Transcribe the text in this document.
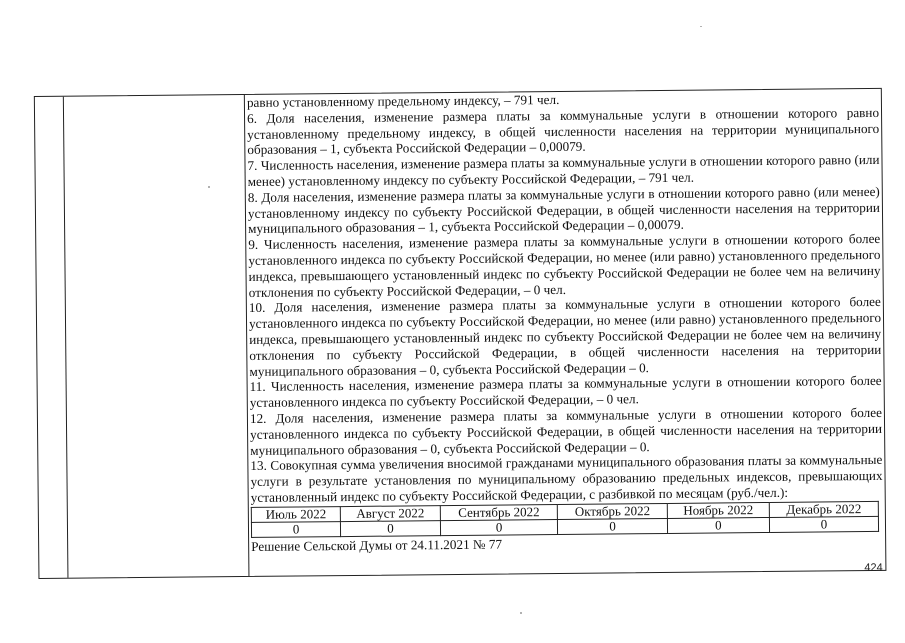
равно установленному предельному индексу, – 791 чел.

6. Доля населения, изменение размера платы за коммунальные услуги в отношении которого равно установленному предельному индексу, в общей численности населения на территории муниципального образования – 1, субъекта Российской Федерации – 0,00079.

7. Численность населения, изменение размера платы за коммунальные услуги в отношении которого равно (или менее) установленному индексу по субъекту Российской Федерации, – 791 чел.

8. Доля населения, изменение размера платы за коммунальные услуги в отношении которого равно (или менее) установленному индексу по субъекту Российской Федерации, в общей численности населения на территории муниципального образования – 1, субъекта Российской Федерации – 0,00079.

9. Численность населения, изменение размера платы за коммунальные услуги в отношении которого более установленного индекса по субъекту Российской Федерации, но менее (или равно) установленного предельного индекса, превышающего установленный индекс по субъекту Российской Федерации не более чем на величину отклонения по субъекту Российской Федерации, – 0 чел.

10. Доля населения, изменение размера платы за коммунальные услуги в отношении которого более установленного индекса по субъекту Российской Федерации, но менее (или равно) установленного предельного индекса, превышающего установленный индекс по субъекту Российской Федерации не более чем на величину отклонения по субъекту Российской Федерации, в общей численности населения на территории муниципального образования – 0, субъекта Российской Федерации – 0.

11. Численность населения, изменение размера платы за коммунальные услуги в отношении которого более установленного индекса по субъекту Российской Федерации, – 0 чел.

12. Доля населения, изменение размера платы за коммунальные услуги в отношении которого более установленного индекса по субъекту Российской Федерации, в общей численности населения на территории муниципального образования – 0, субъекта Российской Федерации – 0.

13. Совокупная сумма увеличения вносимой гражданами муниципального образования платы за коммунальные услуги в результате установления по муниципальному образованию предельных индексов, превышающих установленный индекс по субъекту Российской Федерации, с разбивкой по месяцам (руб./чел.):

Июль 2022	Август 2022	Сентябрь 2022	Октябрь 2022	Ноябрь 2022	Декабрь 2022
0	0	0	0	0	0
Решение Сельской Думы от 24.11.2021 № 77
424
